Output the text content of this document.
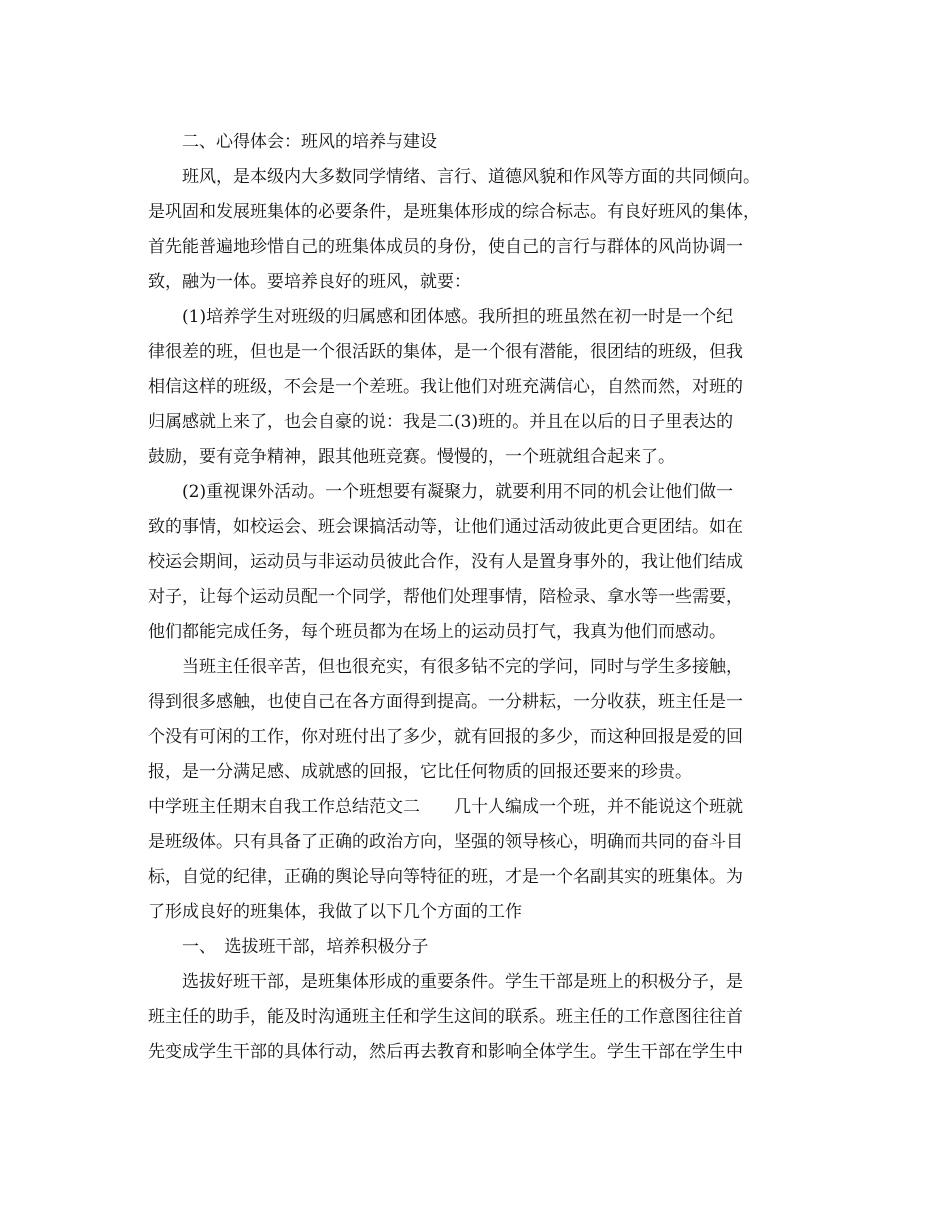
　　二、心得体会：班风的培养与建设

　　班风，是本级内大多数同学情绪、言行、道德风貌和作风等方面的共同倾向。

是巩固和发展班集体的必要条件，是班集体形成的综合标志。有良好班风的集体，

首先能普遍地珍惜自己的班集体成员的身份，使自己的言行与群体的风尚协调一

致，融为一体。要培养良好的班风，就要：

　　(1)培养学生对班级的归属感和团体感。我所担的班虽然在初一时是一个纪

律很差的班，但也是一个很活跃的集体，是一个很有潜能，很团结的班级，但我

相信这样的班级，不会是一个差班。我让他们对班充满信心，自然而然，对班的

归属感就上来了，也会自豪的说：我是二(3)班的。并且在以后的日子里表达的

鼓励，要有竞争精神，跟其他班竞赛。慢慢的，一个班就组合起来了。

　　(2)重视课外活动。一个班想要有凝聚力，就要利用不同的机会让他们做一

致的事情，如校运会、班会课搞活动等，让他们通过活动彼此更合更团结。如在

校运会期间，运动员与非运动员彼此合作，没有人是置身事外的，我让他们结成

对子，让每个运动员配一个同学，帮他们处理事情，陪检录、拿水等一些需要，

他们都能完成任务，每个班员都为在场上的运动员打气，我真为他们而感动。

　　当班主任很辛苦，但也很充实，有很多钻不完的学问，同时与学生多接触，

得到很多感触，也使自己在各方面得到提高。一分耕耘，一分收获，班主任是一

个没有可闲的工作，你对班付出了多少，就有回报的多少，而这种回报是爱的回

报，是一分满足感、成就感的回报，它比任何物质的回报还要来的珍贵。

中学班主任期末自我工作总结范文二　　几十人编成一个班，并不能说这个班就

是班级体。只有具备了正确的政治方向，坚强的领导核心，明确而共同的奋斗目

标，自觉的纪律，正确的舆论导向等特征的班，才是一个名副其实的班集体。为

了形成良好的班集体，我做了以下几个方面的工作

　　一、　选拔班干部，培养积极分子

　　选拔好班干部，是班集体形成的重要条件。学生干部是班上的积极分子，是

班主任的助手，能及时沟通班主任和学生这间的联系。班主任的工作意图往往首

先变成学生干部的具体行动，然后再去教育和影响全体学生。学生干部在学生中
